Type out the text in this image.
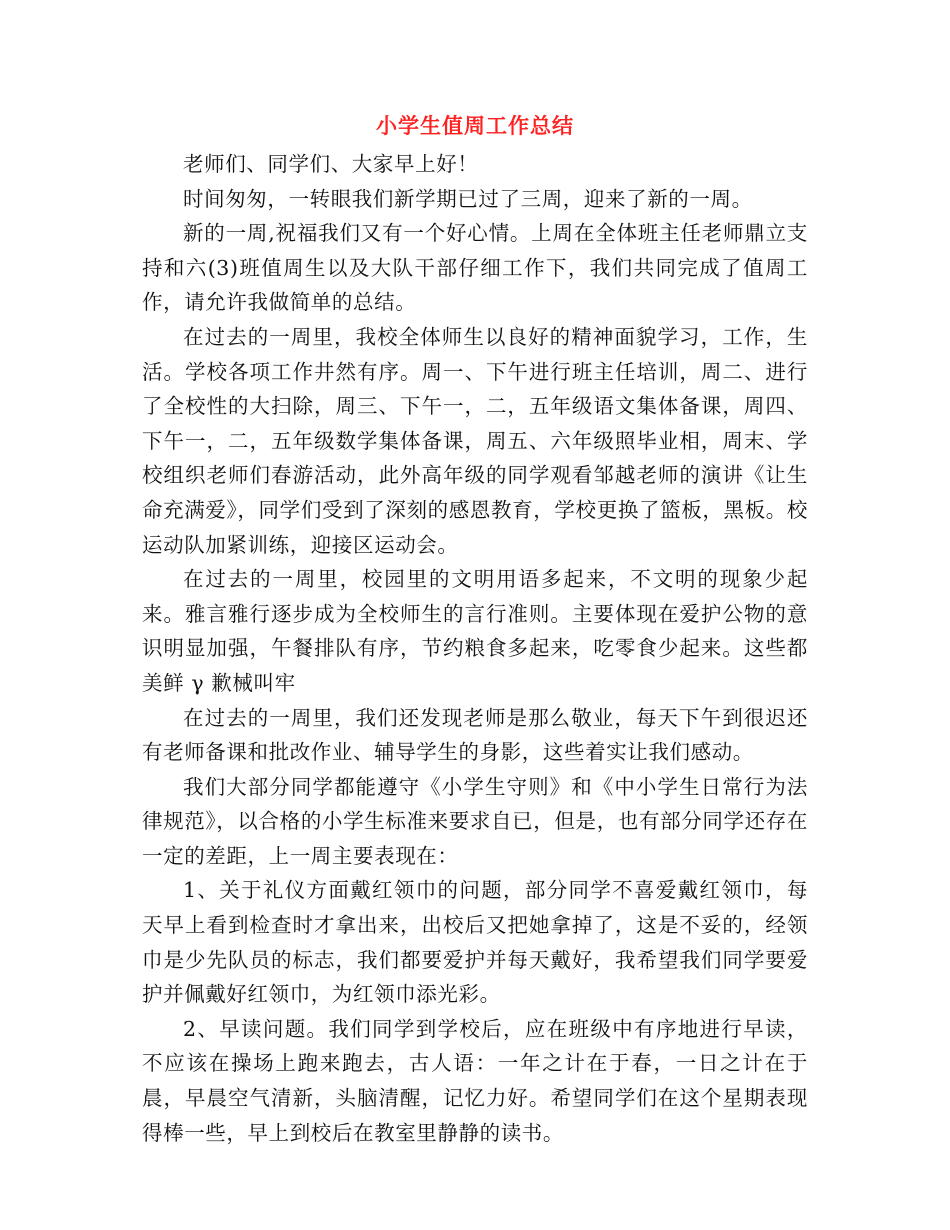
小学生值周工作总结

老师们、同学们、大家早上好！

时间匆匆，一转眼我们新学期已过了三周，迎来了新的一周。

新的一周,祝福我们又有一个好心情。上周在全体班主任老师鼎立支持和六(3)班值周生以及大队干部仔细工作下，我们共同完成了值周工作，请允许我做简单的总结。

在过去的一周里，我校全体师生以良好的精神面貌学习，工作，生活。学校各项工作井然有序。周一、下午进行班主任培训，周二、进行了全校性的大扫除，周三、下午一，二，五年级语文集体备课，周四、下午一，二，五年级数学集体备课，周五、六年级照毕业相，周末、学校组织老师们春游活动，此外高年级的同学观看邹越老师的演讲《让生命充满爱》，同学们受到了深刻的感恩教育，学校更换了篮板，黑板。校运动队加紧训练，迎接区运动会。

在过去的一周里，校园里的文明用语多起来，不文明的现象少起来。雅言雅行逐步成为全校师生的言行准则。主要体现在爱护公物的意识明显加强，午餐排队有序，节约粮食多起来，吃零食少起来。这些都美鲜 γ 歉械叫牢

在过去的一周里，我们还发现老师是那么敬业，每天下午到很迟还有老师备课和批改作业、辅导学生的身影，这些着实让我们感动。

我们大部分同学都能遵守《小学生守则》和《中小学生日常行为法律规范》，以合格的小学生标准来要求自已，但是，也有部分同学还存在一定的差距，上一周主要表现在：

1、关于礼仪方面戴红领巾的问题，部分同学不喜爱戴红领巾，每天早上看到检查时才拿出来，出校后又把她拿掉了，这是不妥的，经领巾是少先队员的标志，我们都要爱护并每天戴好，我希望我们同学要爱护并佩戴好红领巾，为红领巾添光彩。

2、早读问题。我们同学到学校后，应在班级中有序地进行早读，不应该在操场上跑来跑去，古人语：一年之计在于春，一日之计在于晨，早晨空气清新，头脑清醒，记忆力好。希望同学们在这个星期表现得棒一些，早上到校后在教室里静静的读书。
